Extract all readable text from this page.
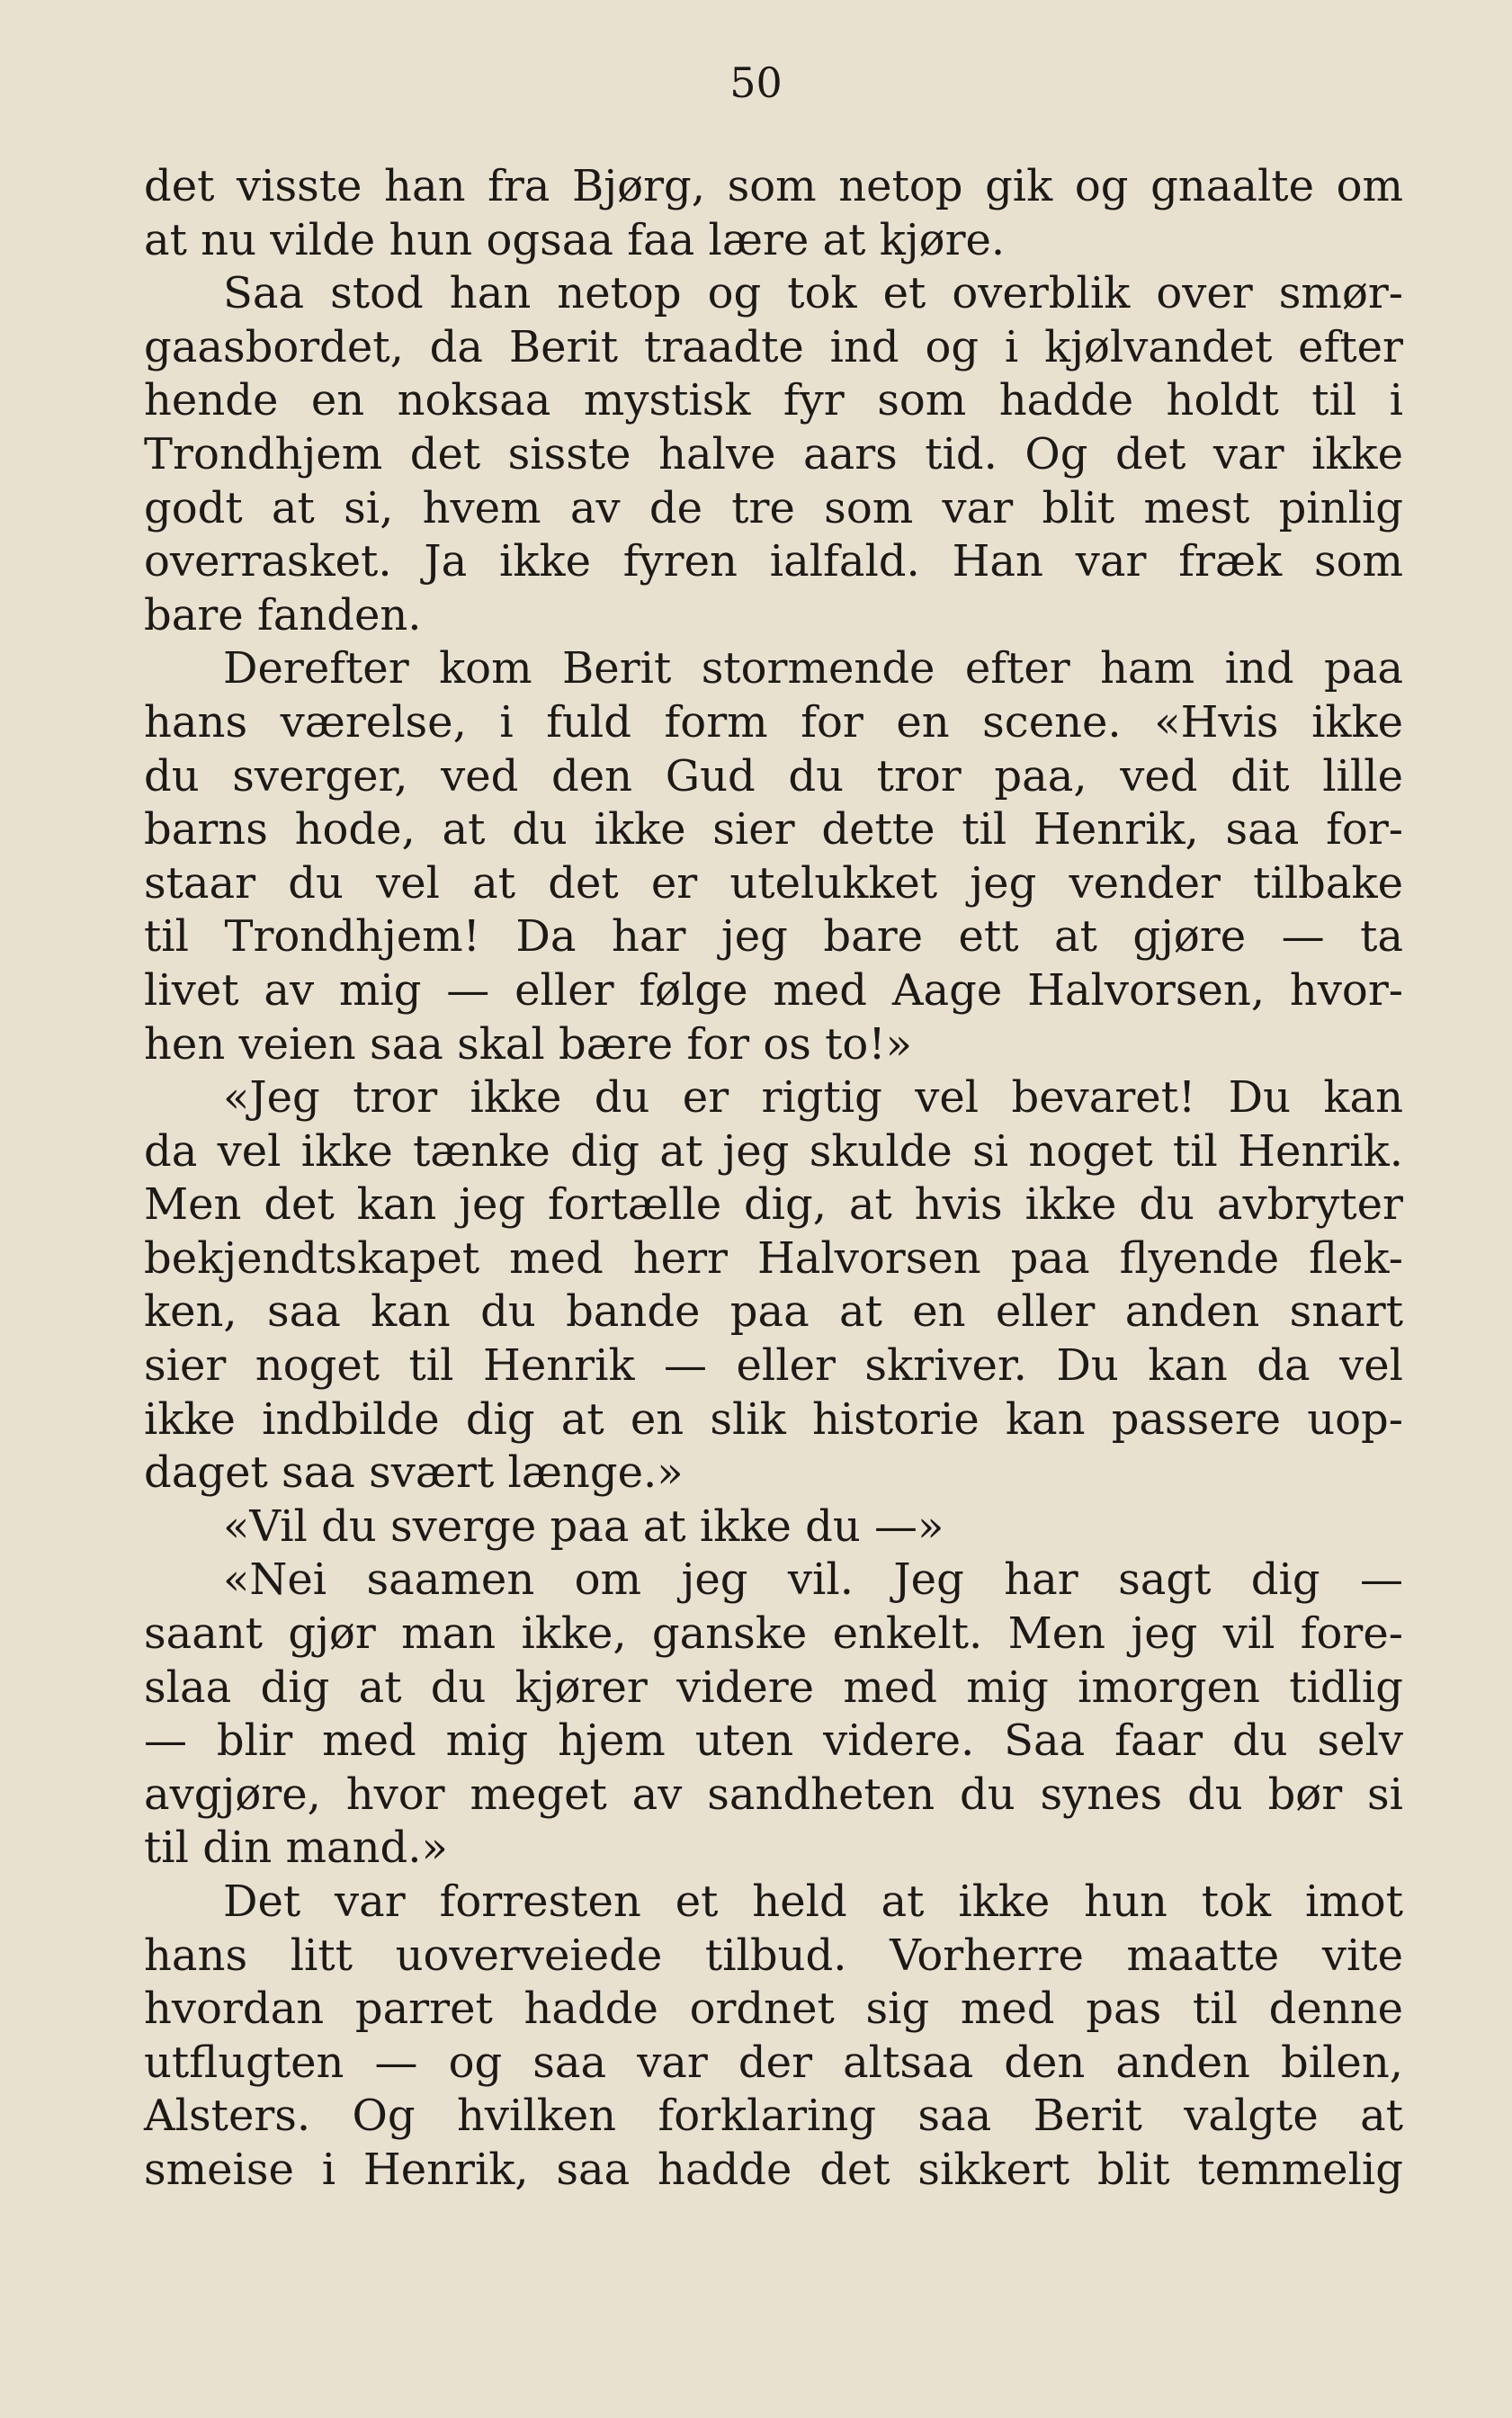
50
det visste han fra Bjørg, som netop gik og gnaalte om
at nu vilde hun ogsaa faa lære at kjøre.
Saa stod han netop og tok et overblik over smør-
gaasbordet, da Berit traadte ind og i kjølvandet efter
hende en noksaa mystisk fyr som hadde holdt til i
Trondhjem det sisste halve aars tid. Og det var ikke
godt at si, hvem av de tre som var blit mest pinlig
overrasket. Ja ikke fyren ialfald. Han var fræk som
bare fanden.
Derefter kom Berit stormende efter ham ind paa
hans værelse, i fuld form for en scene. «Hvis ikke
du sverger, ved den Gud du tror paa, ved dit lille
barns hode, at du ikke sier dette til Henrik, saa for-
staar du vel at det er utelukket jeg vender tilbake
til Trondhjem! Da har jeg bare ett at gjøre — ta
livet av mig — eller følge med Aage Halvorsen, hvor-
hen veien saa skal bære for os to!»
«Jeg tror ikke du er rigtig vel bevaret! Du kan
da vel ikke tænke dig at jeg skulde si noget til Henrik.
Men det kan jeg fortælle dig, at hvis ikke du avbryter
bekjendtskapet med herr Halvorsen paa flyende flek-
ken, saa kan du bande paa at en eller anden snart
sier noget til Henrik — eller skriver. Du kan da vel
ikke indbilde dig at en slik historie kan passere uop-
daget saa svært længe.»
«Vil du sverge paa at ikke du —»
«Nei saamen om jeg vil. Jeg har sagt dig —
saant gjør man ikke, ganske enkelt. Men jeg vil fore-
slaa dig at du kjører videre med mig imorgen tidlig
— blir med mig hjem uten videre. Saa faar du selv
avgjøre, hvor meget av sandheten du synes du bør si
til din mand.»
Det var forresten et held at ikke hun tok imot
hans litt uoverveiede tilbud. Vorherre maatte vite
hvordan parret hadde ordnet sig med pas til denne
utflugten — og saa var der altsaa den anden bilen,
Alsters. Og hvilken forklaring saa Berit valgte at
smeise i Henrik, saa hadde det sikkert blit temmelig
